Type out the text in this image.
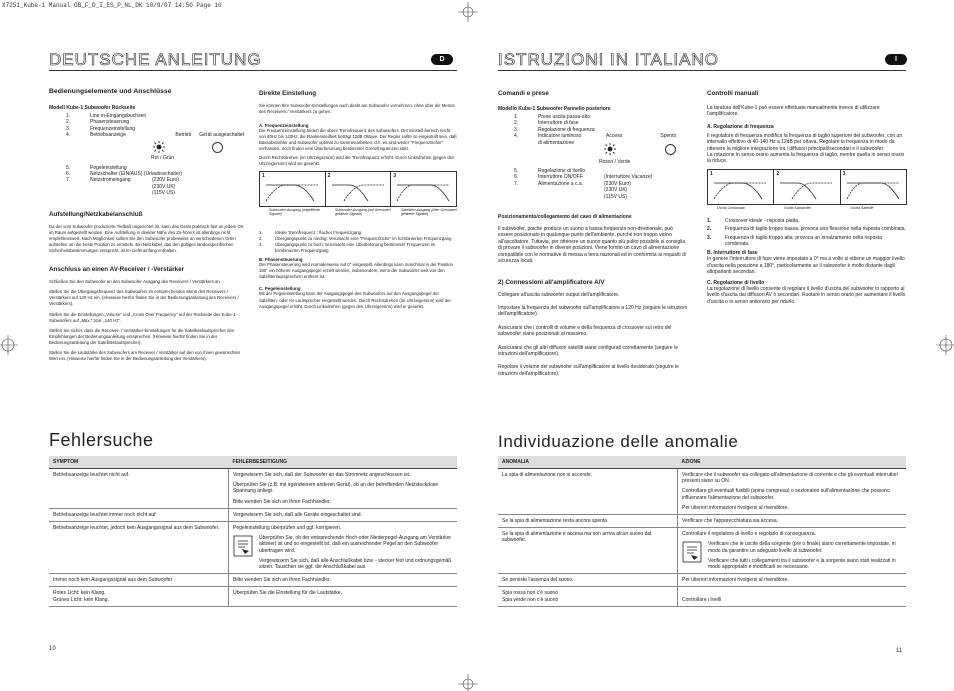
X7251_Kube-1 Manual GB_F_D_I_ES_P_NL_DK 10/9/07 14:50 Page 10
DEUTSCHE ANLEITUNG	D
Bedienungselemente und Anschlüsse
Modell Kube-1 Subwoofer Rückseite
1.	Line in-Eingangsbuchsen
2.	Phasensteuerung
3.	Frequenzeinstellung
4.	Betriebsanzeige	Betrieb Gerät ausgeschaltet
Rot / Grün
5.	Pegeleinstellung
6.	Netzschalter (EIN/AUS) (Urlaubsschalter)
7.	Netzstromeingang	(230V Euro)
(230V UK)
(115V US)
Aufstellung/Netzkabelanschluß
Da der vom Subwoofer produzierte Tiefbaß ungerichtet ist, kann das Gerät praktisch fast an jedem Ort im Raum aufgestellt werden. Eine Aufstellung in direkter Nähe des Zu-hörers ist allerdings nicht empfehlenswert. Nach Möglichkeit sollten Sie den Subwoofer probeweise an verschiedenen Orten aufstellen um die beste Position zu ermitteln. Ein Netzkabel, das den gültigen landesspezifischen Sicherheitsbestimmungen entspricht, ist im Lieferumfang enthalten.
Anschluss an einen AV-Receiver / -Verstärker

Schließen Sie den Subwoofer an den Subwoofer-Ausgang des Receivers / Verstärkers an.

Stellen Sie die Übergangsfrequenz des Subwoofers im entsprechenden Menü des Receivers / Verstärkers auf 120 Hz ein. (Hinweise hierfür finden Sie in der Bedienungsanleitung des Receivers / Verstärkers).

Stellen Sie die Einstellungen „Volume" und „Cross Over Frequency" auf der Rückseite des Kube-1 Subwoofers auf „Max." bzw. „140 Hz".

Stellen Sie sicher, dass die Receiver- / Verstärker-Einstellungen für die Satellitenlautsprecher den Empfehlungen der Bedienungsanleitung entsprechen. (Hinweise hierfür finden Sie in der Bedienungsanleitung der Satellitenlautsprecher).

Stellen Sie die Lautstärke des Subwoofers am Receiver / Verstärker auf den von Ihnen gewünschten Wert ein. (Hinweise hierfür finden Sie in der Bedienungsanleitung des Verstärkers).

Direkte Einstellung
Sie können Ihre Subwoofer-Einstellungen auch direkt am Subwoofer vornehmen, ohne über die Menüs des Receivers / Verstärkers zu gehen.
A. Frequenzeinstellung

Die Frequenzeinstellung ändert die obere Trennfrequenz des Subwoofers. Der Einstell-bereich reicht von 40Hz bis 140Hz; die Flankensteilheit beträgt 12dB Oktave. Der Regler sollte so eingestellt sein, daß Bassabstrahler und Subwoofer optimal zu-sammenarbeiten, d.h. es sind weder "Frequenzlöcher" vorhanden, noch finden eine Überbetonung bestimmter Grenzfrequenzen statt.

Durch Rechtsdrehen (im Uhrzeigersinn) wird die Trennfrequenz erhöht. Durch Linksdrehen (gegen den Uhrzeigersinn) wird sie gesenkt.

1	2	3
Subwoofer-Ausgang (ungefilterte Signale)
Subwoofer-Ausgang (auf Grenzwert gefilterte Signale)
Satelliten-Ausgang (über Grenzwert gefilterte Signale)
1.	Ideale Trennfrequenz : flacher Frequenzgang
2.	Übergangspunkt zu niedrig: Verursacht eine "Frequenzlücke" im kombinierten Frequenzgang
3.	Übergangspunkt zu hoch: verursacht eine Überbetonung bestimmter Frequenzen im kombinierten Frequenzgang
B. Phasensteuerung
Der Phasensteuerung wird normalerweise auf 0° eingestellt. Allerdings kann manchmal in der Position 180° ein höherer Ausgangspegel erzielt werden, insbesondere, wenn der Subwoofer weit von den Satellitenlautsprechern entfernt ist.
C. Pegeleinstellung
Mit der Pegeleinstellung kann der Ausgangspegel des Subwoofers auf den Ausgangspegel der Satelliten- oder AV-Lautsprecher eingestellt werden. Durch Rechtsdrehen (im Uhrzeigersinn) wird der Ausgangspegel erhöht. Durch Linksdrehen (gegen den Uhrzeigersinn) wird er gesenkt.
Fehlersuche
SYMPTOM	FEHLERBESEITIGUNG
Betriebsanzeige leuchtet nicht auf.	Vergewissern Sie sich, daß der Subwoofer an das Stromnetz angeschlossen ist.

Überprüfen Sie (z.B. mit irgendeinem anderen Gerät), ob an der betreffenden Netzsteckdose Spannung anliegt.

Bitte wenden Sie sich an Ihren Fachhändler.

Betriebsanzeige leuchtet immer noch nicht auf	Vergewissern Sie sich, daß alle Geräte eingeschaltet sind.
Betriebsanzeige leuchtet, jedoch kein Ausgangssignal aus dem Subwoofer.	Pegeleinstellung überprüfen und ggf. korrigieren.

Überprüfen Sie, ob der entsprechende Hoch-oder Niederpegel-Ausgang am Verstärker aktiviert ist und so eingestellt ist, daß ein ausreichender Pegel an den Subwoofer übertragen wird.

Vergewissern Sie sich, daß alle Anschlußkabel bzw. - stecker fest und ordnungsgemäß sitzen. Tauschen sie ggf. die Anschlußkabel aus.

Immer noch kein Ausgangssignal aus dem Subwoofer	Bitte wenden Sie sich an Ihren Fachhändler.

Rotes Licht: kein Klang.
Grünes Licht: kein Klang.	Überprüfen Sie die Einstellung für die Lautstärke.
10
ISTRUZIONI IN ITALIANO	I
Comandi e prese
Modello Kube-1 Subwoofer Pannello posteriore
1.	Prese uscita passa-alto
2.	Interruttore di fase
3.	Regolazione di frequenza
4.	Indicatore luminoso	Acceso	Spento
di alimentazione
Rosso / Verde
5.	Regolazione di livello
6.	Interruttore ON/OFF	(Interruttore Vacanze)
7.	Alimentazione a c.a.	(230V Euro)
(230V UK)
(115V US)
Posizionamento/collegamento del cavo di alimentazione
Il subwoofer, poiché produce un suono a bassa frequenza non-direzionale, può essere posizionato in qualunque punto dell'ambiente, purché non troppo vicino all'ascoltatore. Tuttavia, per ottenere un suono quanto più pulito possibile si consiglia di provare il subwoofer in diverse posizioni. Viene fornito un cavo di alimentazione compatibile con le normative di messa a terra nazionali ed in conformità ai requisiti di sicurezza locali.
2) Connessioni all'amplificatore A/V

Collegare all'uscita subwoofer output dell'amplificatore.

Impostare la frequenza del subwoofer sull'amplificatore a 120 Hz (seguire le istruzioni dell'amplificatore).

Assicurarsi che i controlli di volume e della frequenza di crossover sul retro del subwoofer siano posizionati al massimo.

Assicurarsi che gli altri diffusori satelliti siano configurati correttamente (seguire le istruzioni dell'amplificatore).

Regolare il volume del subwoofer sull'amplificatore al livello desiderato (seguire le istruzioni dell'amplificatore).

Controlli manuali
La taratura dell'Kube-1 può essere effettuata manualmente invece di utilizzare l'amplificatore.
A. Regolazione di frequenza

Il regolatore di frequenza modifica la frequenza di taglio superiore del subwoofer, con un intervallo effettivo di 40-140 Hz a 12dB per ottava. Regolare la frequenza in modo da ottenere la migliore integrazione tra i diffusori principali/secondari e il subwoofer.

La rotazione in senso orario aumenta la frequenza di taglio, mentre quella in senso orario la riduce.

1	2	3
Uscita Combinata	Uscita Subwoofer	Uscita Satellite
1.	Crossover ideale - risposta piatta.
2.	Frequenza di taglio troppo bassa: provoca una flessione nella risposta combinata.
3.	Frequenza di taglio troppo alta: provoca un innalzamento nella risposta combinata.
B. Interruttore di fase
In genere l'interruttore di fase viene impostato a 0° ma a volte si ottiene un maggior livello d'uscita nella posizione a 180°, particolarmente se il subwoofer è molto distante dagli altoparlanti secondari.
C. Regolazione di livello
La regolazione di livello consente di regolare il livello d'uscita del subwoofer in rapporto al livello d'uscita dai diffusori AV o secondari. Ruotare in senso orario per aumentare il livello d'uscita o in senso antiorario per ridurlo.
Individuazione delle anomalie
ANOMALIA	AZIONE
La spia di alimentazione non si accende.	Verificare che il subwoofer sia collegato all'alimentazione di corrente e che gli eventuali interruttori presenti siano su ON.

Controllare gli eventuali fusibili (spina compresa) o sezionatori sull'alimentazione che possono influenzare l'alimentazione del subwoofer.

Per ulteriori informazioni rivolgersi al rivenditore.

Se la spia di alimentazione resta ancora spenta	Verificare che l'apparecchiatura sia accesa.
Se la spia di alimentazione è accesa ma non arriva alcun suono dal subwoofer.	Controllare il regolatore di livello e regolarlo di conseguenza.

Verificare che le uscite della sorgente (pre o finale) siano correttamente impostate, in modo da garantire un adeguato livello al subwoofer.

Verificare che tutti i collegamenti tra il subwoofer e la sorgente siano stati realizzati in modo appropriato e modificarli se necessario.

Se persiste l'assenza del suono.	Per ulteriori informazioni rivolgersi al rivenditore.

Spia rossa non c'è suono
Spia verde non c'è suono	Controllare i livelli
11
